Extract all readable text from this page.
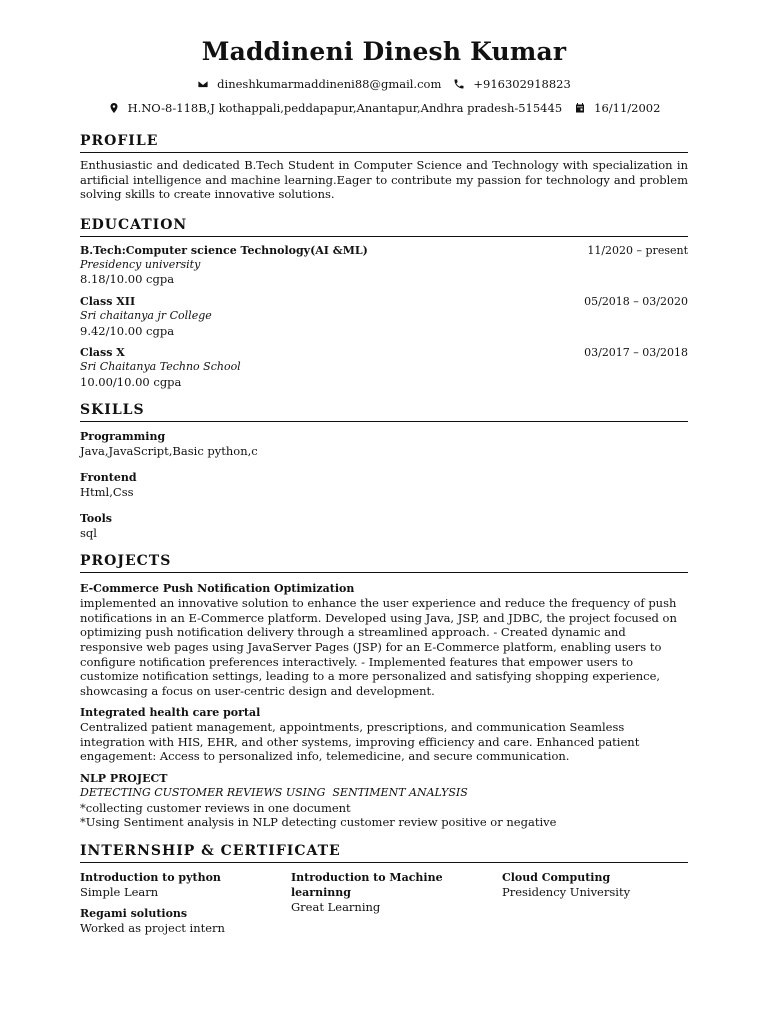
Maddineni Dinesh Kumar
dineshkumarmaddineni88@gmail.com	+916302918823
H.NO-8-118B,J kothappali,peddapapur,Anantapur,Andhra pradesh-515445	16/11/2002
PROFILE
Enthusiastic and dedicated B.Tech Student in Computer Science and Technology with specialization in artificial intelligence and machine learning.Eager to contribute my passion for technology and problem solving skills to create innovative solutions.
EDUCATION
B.Tech:Computer science Technology(AI &ML)	11/2020 – present
Presidency university
8.18/10.00 cgpa
Class XII	05/2018 – 03/2020
Sri chaitanya jr College
9.42/10.00 cgpa
Class X	03/2017 – 03/2018
Sri Chaitanya Techno School
10.00/10.00 cgpa
SKILLS
Programming
Java,JavaScript,Basic python,c
Frontend
Html,Css
Tools
sql
PROJECTS
E-Commerce Push Notification Optimization
implemented an innovative solution to enhance the user experience and reduce the frequency of push notifications in an E-Commerce platform. Developed using Java, JSP, and JDBC, the project focused on optimizing push notification delivery through a streamlined approach. - Created dynamic and responsive web pages using JavaServer Pages (JSP) for an E-Commerce platform, enabling users to configure notification preferences interactively. - Implemented features that empower users to customize notification settings, leading to a more personalized and satisfying shopping experience, showcasing a focus on user-centric design and development.
Integrated health care portal
Centralized patient management, appointments, prescriptions, and communication Seamless integration with HIS, EHR, and other systems, improving efficiency and care. Enhanced patient engagement: Access to personalized info, telemedicine, and secure communication.
NLP PROJECT
DETECTING CUSTOMER REVIEWS USING  SENTIMENT ANALYSIS
*collecting customer reviews in one document
*Using Sentiment analysis in NLP detecting customer review positive or negative
INTERNSHIP & CERTIFICATE
Introduction to python
Simple Learn
Regami solutions
Worked as project intern
Introduction to Machine learninng
Great Learning
Cloud Computing
Presidency University
